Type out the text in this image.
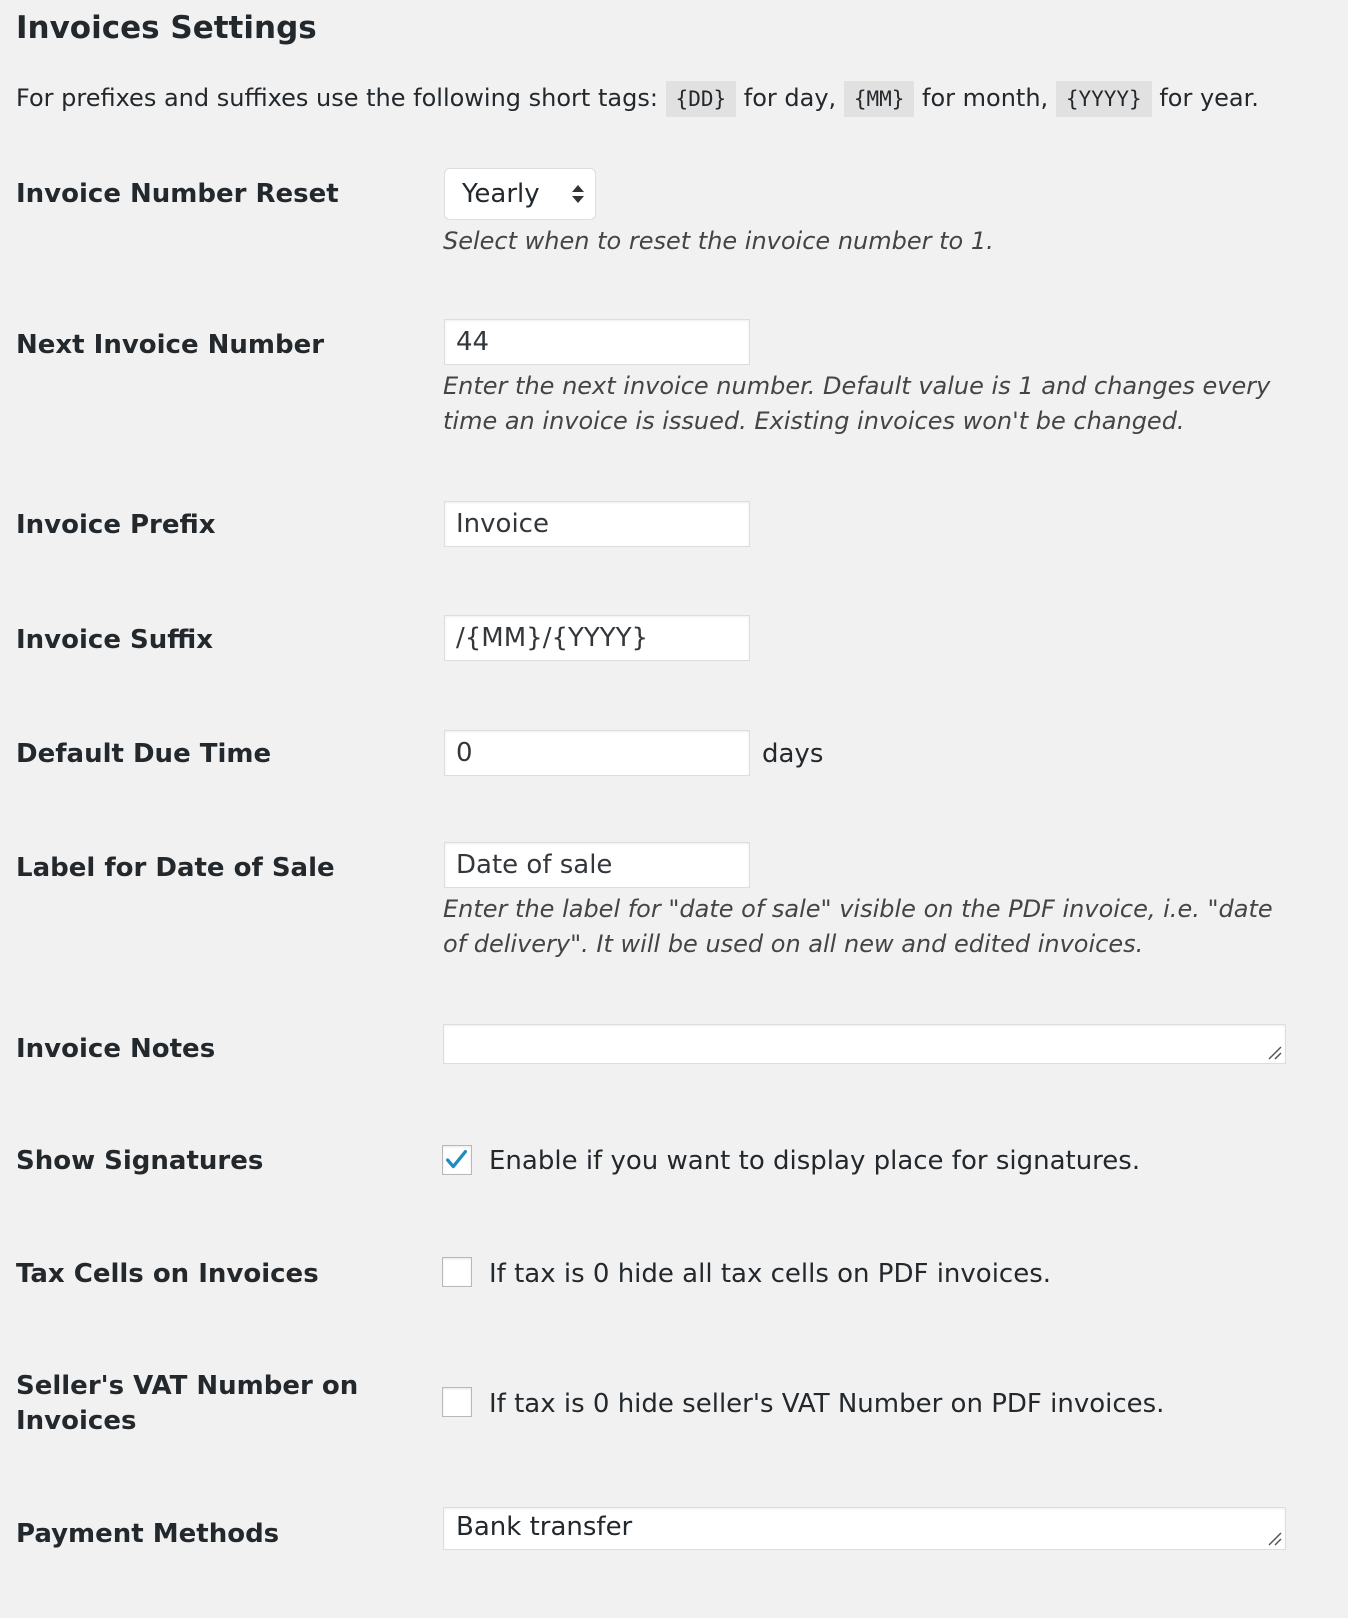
Invoices Settings
For prefixes and suffixes use the following short tags: {DD} for day, {MM} for month, {YYYY} for year.
Invoice Number Reset	Yearly
Select when to reset the invoice number to 1.
Next Invoice Number	44
Enter the next invoice number. Default value is 1 and changes every
time an invoice is issued. Existing invoices won't be changed.
Invoice Prefix	Invoice
Invoice Suffix	/{MM}/{YYYY}
Default Due Time	0	days
Label for Date of Sale	Date of sale
Enter the label for "date of sale" visible on the PDF invoice, i.e. "date
of delivery". It will be used on all new and edited invoices.
Invoice Notes
Show Signatures	Enable if you want to display place for signatures.
Tax Cells on Invoices	If tax is 0 hide all tax cells on PDF invoices.
Seller's VAT Number on
Invoices
If tax is 0 hide seller's VAT Number on PDF invoices.
Payment Methods	Bank transfer
